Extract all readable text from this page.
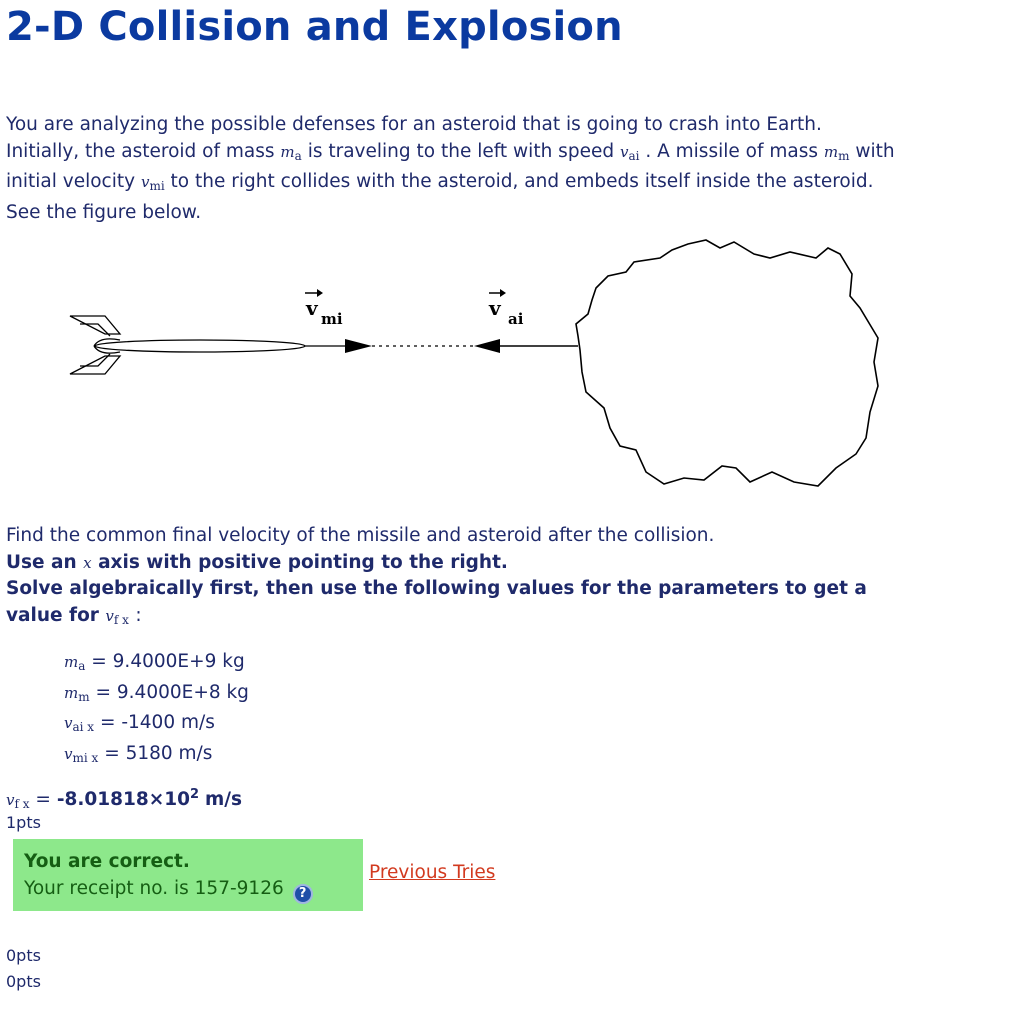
2-D Collision and Explosion
You are analyzing the possible defenses for an asteroid that is going to crash into Earth.
Initially, the asteroid of mass $m_a$ is traveling to the left with speed $v_{ai}$ . A missile of mass $m_m$ with
initial velocity $v_{mi}$ to the right collides with the asteroid, and embeds itself inside the asteroid.
See the figure below.
v mi	v ai
Find the common final velocity of the missile and asteroid after the collision.
Use an x axis with positive pointing to the right.
Solve algebraically first, then use the following values for the parameters to get a
value for $v_{f x}$ :
$m_a = 9.4000E+9$ kg
$m_m = 9.4000E+8$ kg
$v_{ai x} = -1400$ m/s
$v_{mi x} = 5180$ m/s
$v_{f x} = -8.01818\times 10^2$ m/s
1pts
You are correct.
Your receipt no. is 157-9126 ?
Previous Tries
0pts
0pts
